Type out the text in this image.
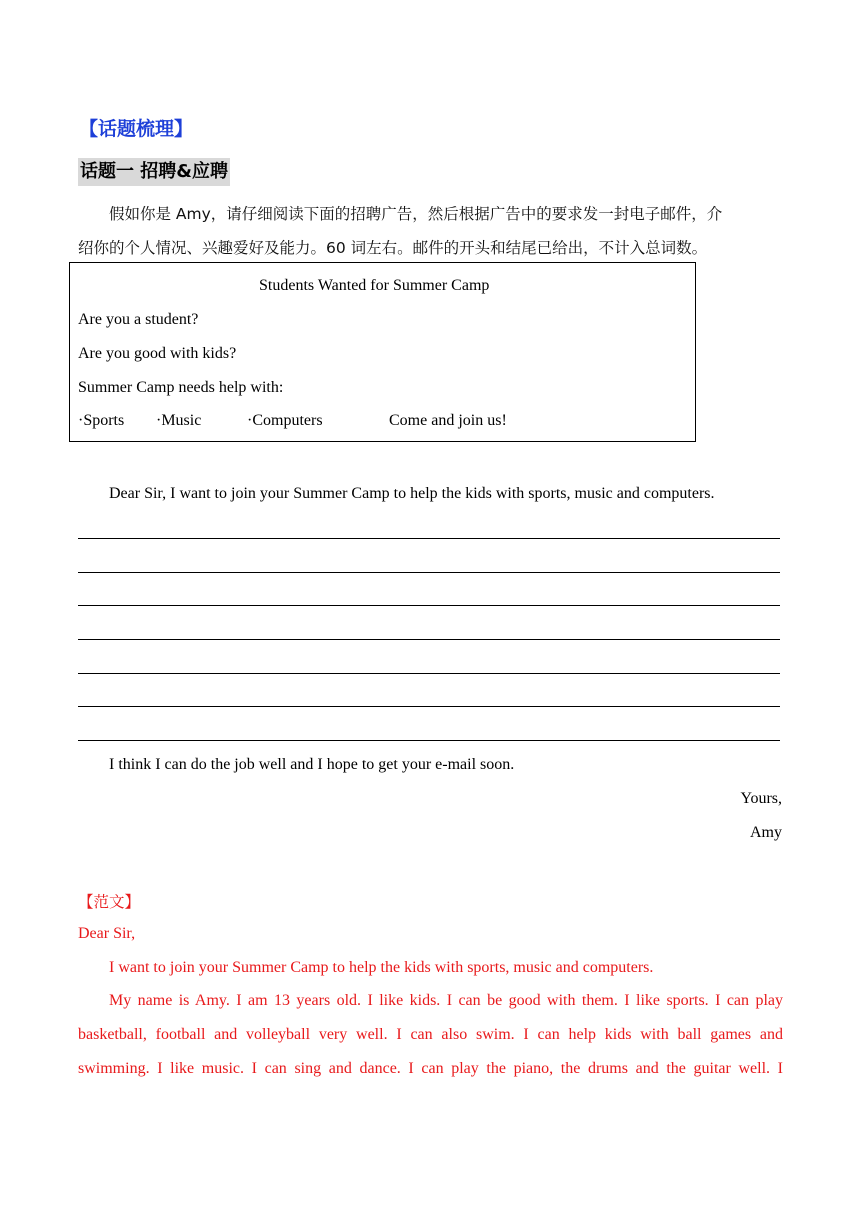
【话题梳理】
话题一 招聘&应聘
假如你是 Amy，请仔细阅读下面的招聘广告，然后根据广告中的要求发一封电子邮件，介
绍你的个人情况、兴趣爱好及能力。60 词左右。邮件的开头和结尾已给出，不计入总词数。
Students Wanted for Summer Camp
Are you a student?
Are you good with kids?
Summer Camp needs help with:
·Sports ·Music	·Computers	Come and join us!
Dear Sir, I want to join your Summer Camp to help the kids with sports, music and computers.
I think I can do the job well and I hope to get your e-mail soon.
Yours,
Amy
【范文】
Dear Sir,
I want to join your Summer Camp to help the kids with sports, music and computers.
My name is Amy. I am 13 years old. I like kids. I can be good with them. I like sports. I can play
basketball, football and volleyball very well. I can also swim. I can help kids with ball games and
swimming. I like music. I can sing and dance. I can play the piano, the drums and the guitar well. I
